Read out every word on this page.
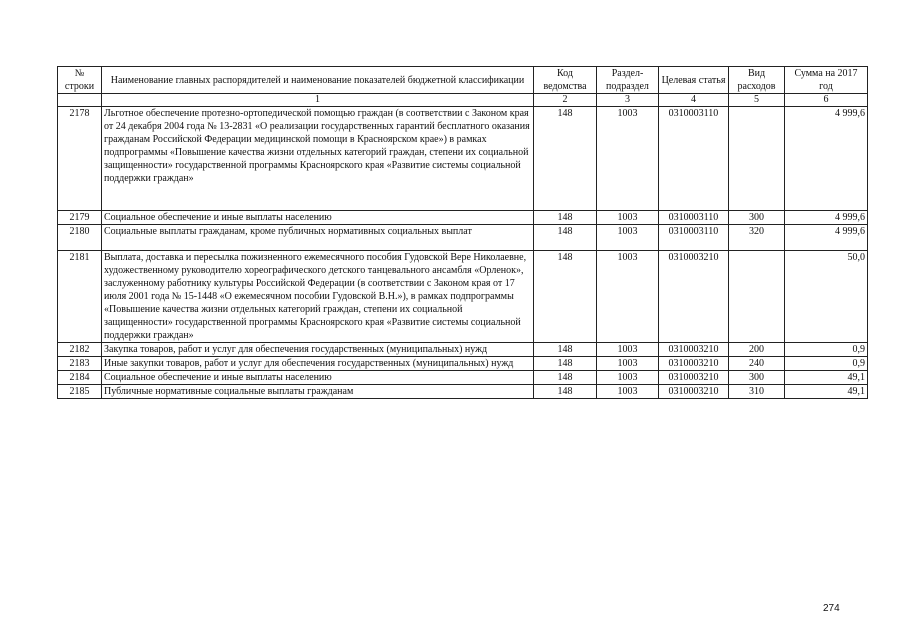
№ строки	Наименование главных распорядителей и наименование показателей бюджетной классификации	Код ведомства	Раздел-подраздел	Целевая статья	Вид расходов	Сумма на 2017 год
	1	2	3	4	5	6
2178	Льготное обеспечение протезно-ортопедической помощью граждан (в соответствии с Законом края от 24 декабря 2004 года № 13-2831 «О реализации государственных гарантий бесплатного оказания гражданам Российской Федерации медицинской помощи в Красноярском крае») в рамках подпрограммы «Повышение качества жизни отдельных категорий граждан, степени их социальной защищенности» государственной программы Красноярского края «Развитие системы социальной поддержки граждан»	148	1003	0310003110		4 999,6
2179	Социальное обеспечение и иные выплаты населению	148	1003	0310003110	300	4 999,6
2180	Социальные выплаты гражданам, кроме публичных нормативных социальных выплат	148	1003	0310003110	320	4 999,6
2181	Выплата, доставка и пересылка пожизненного ежемесячного пособия Гудовской Вере Николаевне, художественному руководителю хореографического детского танцевального ансамбля «Орленок», заслуженному работнику культуры Российской Федерации (в соответствии с Законом края от 17 июля 2001 года № 15-1448 «О ежемесячном пособии Гудовской В.Н.»), в рамках подпрограммы «Повышение качества жизни отдельных категорий граждан, степени их социальной защищенности» государственной программы Красноярского края «Развитие системы социальной поддержки граждан»	148	1003	0310003210		50,0
2182	Закупка товаров, работ и услуг для обеспечения государственных (муниципальных) нужд	148	1003	0310003210	200	0,9
2183	Иные закупки товаров, работ и услуг для обеспечения государственных (муниципальных) нужд	148	1003	0310003210	240	0,9
2184	Социальное обеспечение и иные выплаты населению	148	1003	0310003210	300	49,1
2185	Публичные нормативные социальные выплаты гражданам	148	1003	0310003210	310	49,1
274
